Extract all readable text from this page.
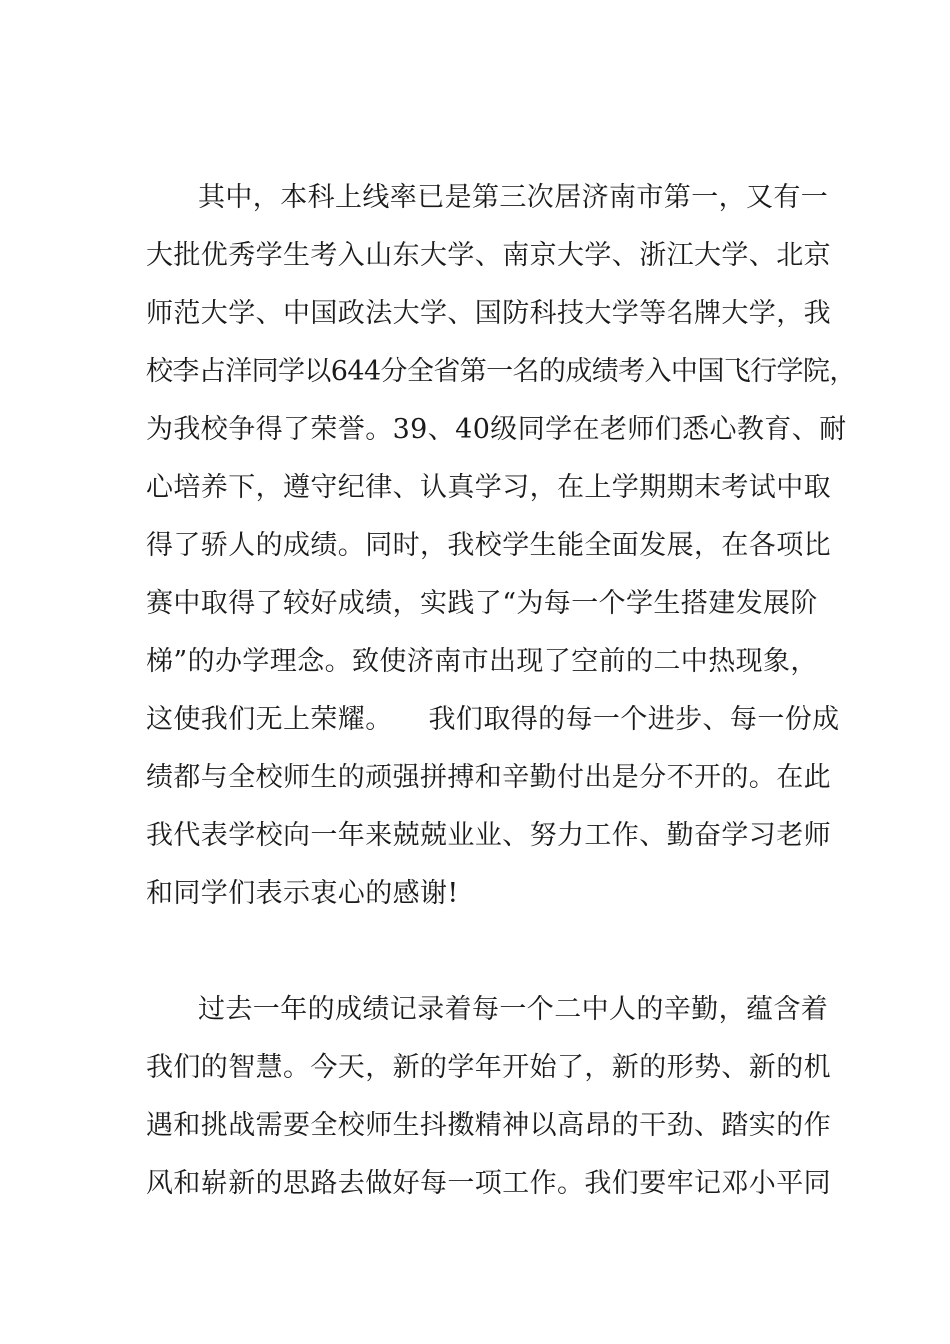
其中，本科上线率已是第三次居济南市第一，又有一
大批优秀学生考入山东大学、南京大学、浙江大学、北京
师范大学、中国政法大学、国防科技大学等名牌大学，我
校李占洋同学以644分全省第一名的成绩考入中国飞行学院，
为我校争得了荣誉。39、40级同学在老师们悉心教育、耐
心培养下，遵守纪律、认真学习，在上学期期末考试中取
得了骄人的成绩。同时，我校学生能全面发展，在各项比
赛中取得了较好成绩，实践了“为每一个学生搭建发展阶
梯”的办学理念。致使济南市出现了空前的二中热现象，
这使我们无上荣耀。    我们取得的每一个进步、每一份成
绩都与全校师生的顽强拼搏和辛勤付出是分不开的。在此
我代表学校向一年来兢兢业业、努力工作、勤奋学习老师
和同学们表示衷心的感谢!
过去一年的成绩记录着每一个二中人的辛勤，蕴含着
我们的智慧。今天，新的学年开始了，新的形势、新的机
遇和挑战需要全校师生抖擞精神以高昂的干劲、踏实的作
风和崭新的思路去做好每一项工作。我们要牢记邓小平同
